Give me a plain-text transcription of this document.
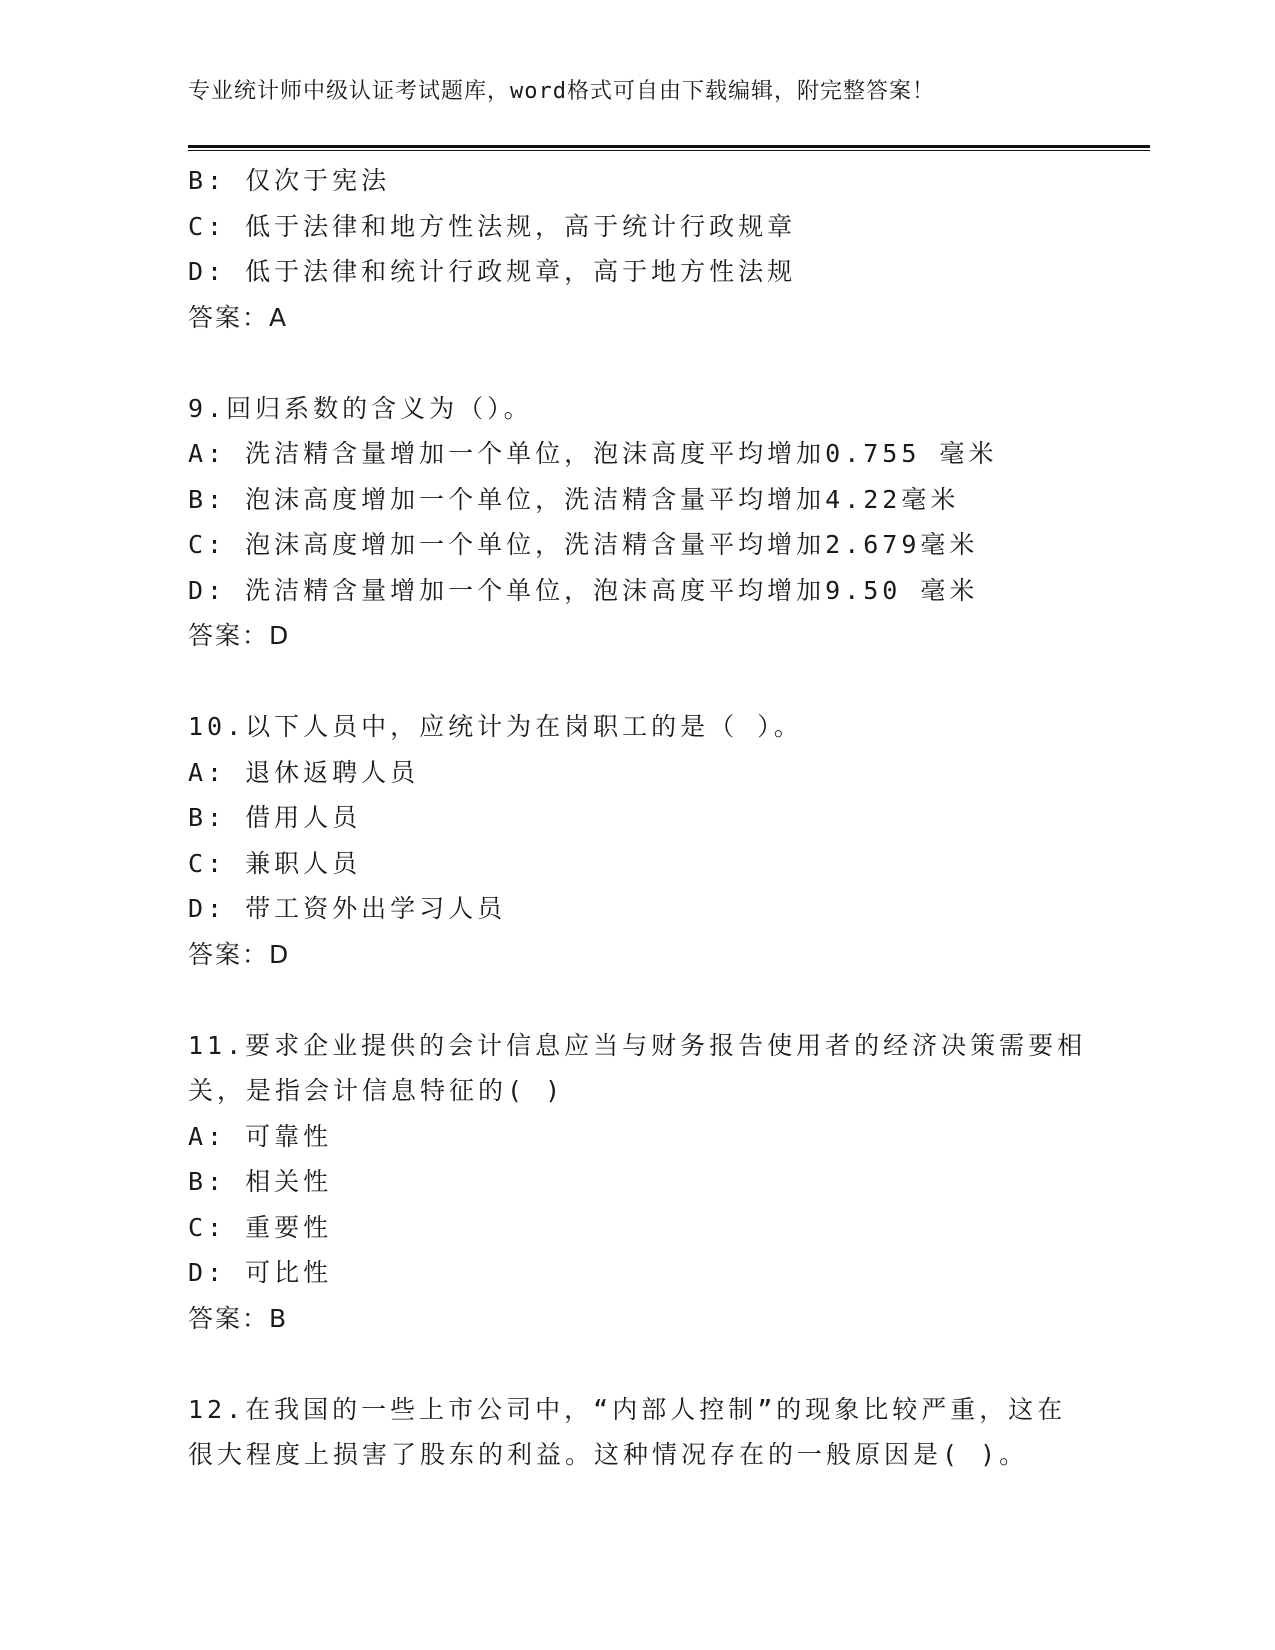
专业统计师中级认证考试题库，word格式可自由下载编辑，附完整答案！
B: 仅次于宪法
C: 低于法律和地方性法规，高于统计行政规章
D: 低于法律和统计行政规章，高于地方性法规
答案：A
9.回归系数的含义为（）。
A: 洗洁精含量增加一个单位，泡沫高度平均增加0.755 毫米
B: 泡沫高度增加一个单位，洗洁精含量平均增加4.22毫米
C: 泡沫高度增加一个单位，洗洁精含量平均增加2.679毫米
D: 洗洁精含量增加一个单位，泡沫高度平均增加9.50 毫米
答案：D
10.以下人员中，应统计为在岗职工的是（ ）。
A: 退休返聘人员
B: 借用人员
C: 兼职人员
D: 带工资外出学习人员
答案：D
11.要求企业提供的会计信息应当与财务报告使用者的经济决策需要相
关，是指会计信息特征的( )
A: 可靠性
B: 相关性
C: 重要性
D: 可比性
答案：B
12.在我国的一些上市公司中，“内部人控制”的现象比较严重，这在
很大程度上损害了股东的利益。这种情况存在的一般原因是( )。
